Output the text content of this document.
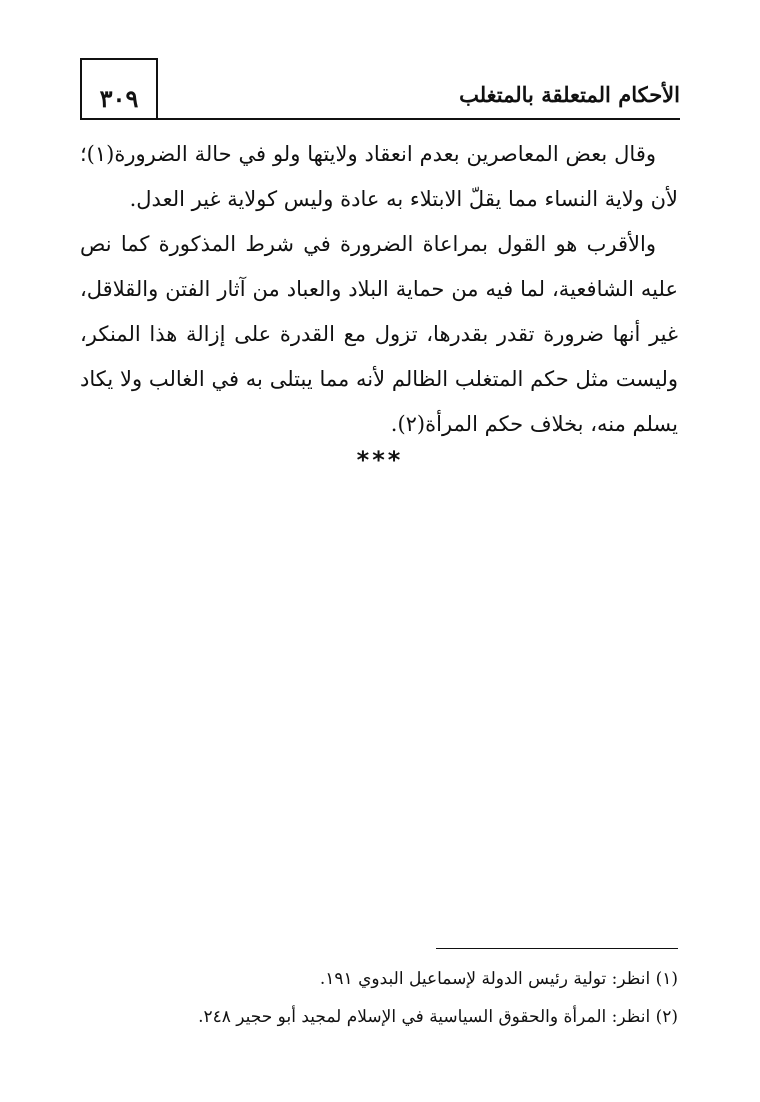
٣٠٩	الأحكام المتعلقة بالمتغلب

وقال بعض المعاصرين بعدم انعقاد ولايتها ولو في حالة الضرورة(١)؛ لأن ولاية النساء مما يقلّ الابتلاء به عادة وليس كولاية غير العدل.

والأقرب هو القول بمراعاة الضرورة في شرط المذكورة كما نص عليه الشافعية، لما فيه من حماية البلاد والعباد من آثار الفتن والقلاقل، غير أنها ضرورة تقدر بقدرها، تزول مع القدرة على إزالة هذا المنكر، وليست مثل حكم المتغلب الظالم لأنه مما يبتلى به في الغالب ولا يكاد يسلم منه، بخلاف حكم المرأة(٢).

***

(١) انظر: تولية رئيس الدولة لإسماعيل البدوي ١٩١.

(٢) انظر: المرأة والحقوق السياسية في الإسلام لمجيد أبو حجير ٢٤٨.
